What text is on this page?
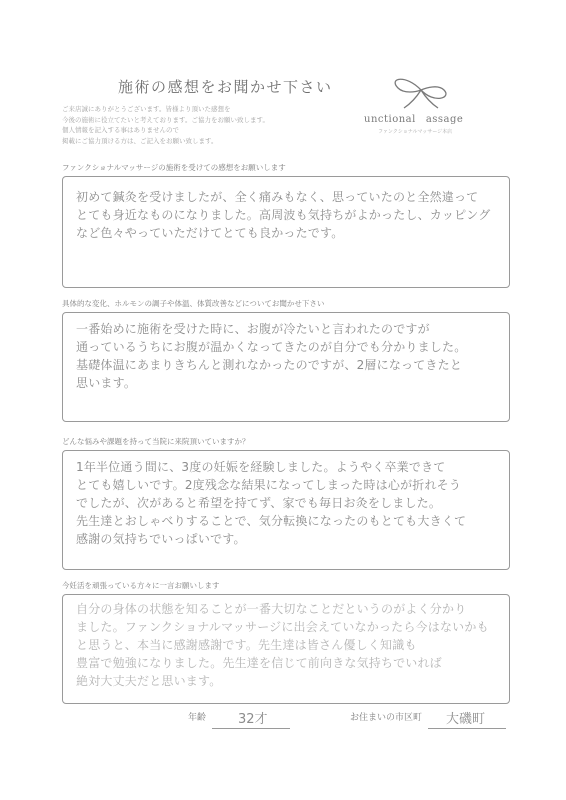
施術の感想をお聞かせ下さい
ご来店誠にありがとうございます。皆様より頂いた感想を
今後の施術に役立てたいと考えております。ご協力をお願い致します。
個人情報を記入する事はありませんので
掲載にご協力頂ける方は、ご記入をお願い致します。
unctional assage
ファンクショナルマッサージ本店
ファンクショナルマッサージの施術を受けての感想をお願いします
初めて鍼灸を受けましたが、全く痛みもなく、思っていたのと全然違って
とても身近なものになりました。高周波も気持ちがよかったし、カッピング
など色々やっていただけてとても良かったです。
具体的な変化、ホルモンの調子や体温、体質改善などについてお聞かせ下さい
一番始めに施術を受けた時に、お腹が冷たいと言われたのですが
通っているうちにお腹が温かくなってきたのが自分でも分かりました。
基礎体温にあまりきちんと測れなかったのですが、2層になってきたと
思います。
どんな悩みや課題を持って当院に来院頂いていますか？
1年半位通う間に、3度の妊娠を経験しました。ようやく卒業できて
とても嬉しいです。2度残念な結果になってしまった時は心が折れそう
でしたが、次があると希望を持てず、家でも毎日お灸をしました。
先生達とおしゃべりすることで、気分転換になったのもとても大きくて
感謝の気持ちでいっぱいです。
今妊活を頑張っている方々に一言お願いします
自分の身体の状態を知ることが一番大切なことだというのがよく分かり
ました。ファンクショナルマッサージに出会えていなかったら今はないかも
と思うと、本当に感謝感謝です。先生達は皆さん優しく知識も
豊富で勉強になりました。先生達を信じて前向きな気持ちでいれば
絶対大丈夫だと思います。
年齢 32才	お住まいの市区町 大磯町
